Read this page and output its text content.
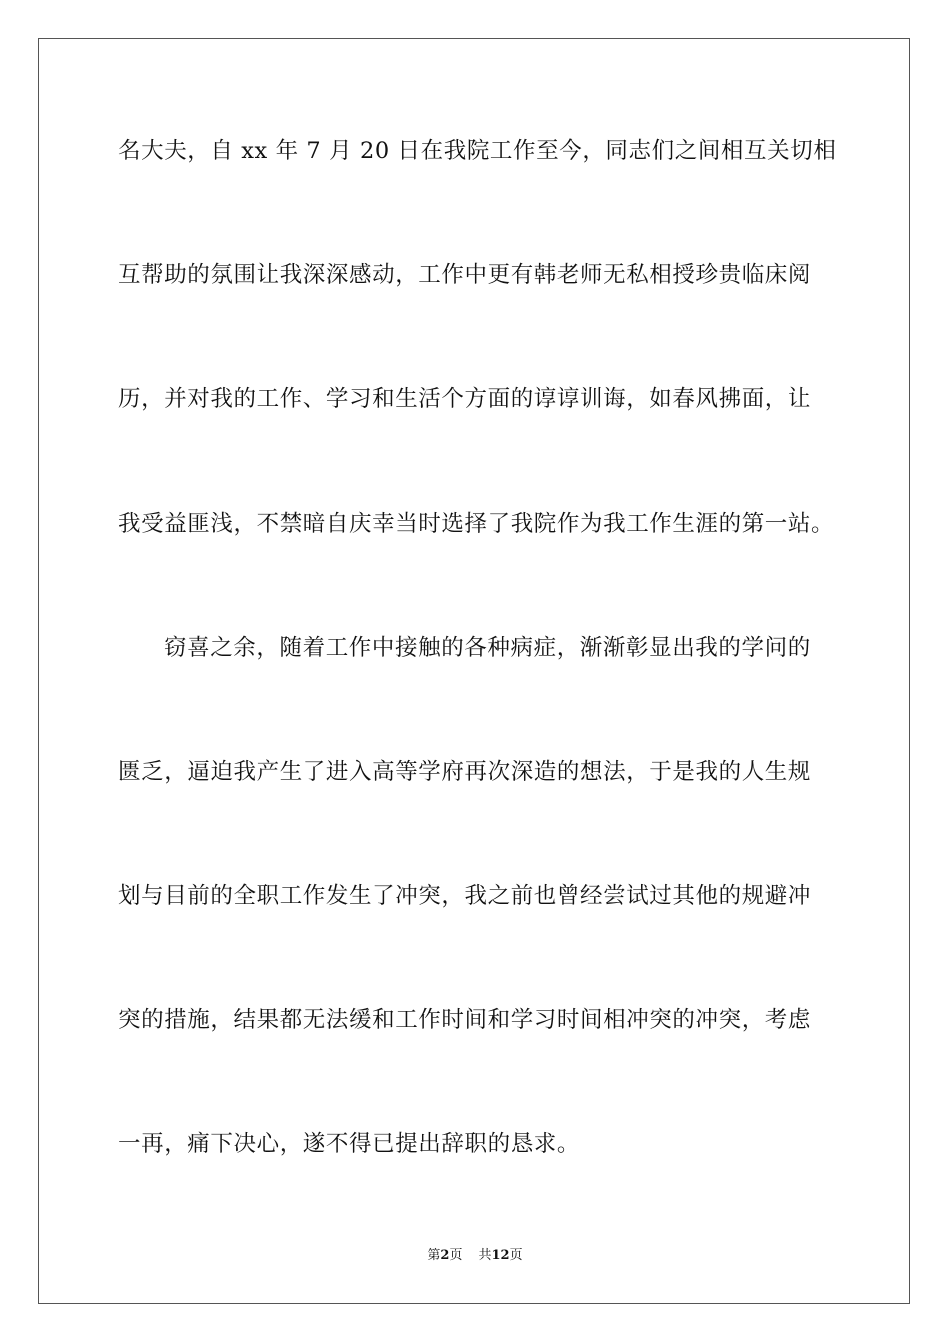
名大夫，自 xx 年 7 月 20 日在我院工作至今，同志们之间相互关切相
互帮助的氛围让我深深感动，工作中更有韩老师无私相授珍贵临床阅
历，并对我的工作、学习和生活个方面的谆谆训诲，如春风拂面，让
我受益匪浅，不禁暗自庆幸当时选择了我院作为我工作生涯的第一站。
窃喜之余，随着工作中接触的各种病症，渐渐彰显出我的学问的
匮乏，逼迫我产生了进入高等学府再次深造的想法，于是我的人生规
划与目前的全职工作发生了冲突，我之前也曾经尝试过其他的规避冲
突的措施，结果都无法缓和工作时间和学习时间相冲突的冲突，考虑
一再，痛下决心，遂不得已提出辞职的恳求。
第2页 共12页
